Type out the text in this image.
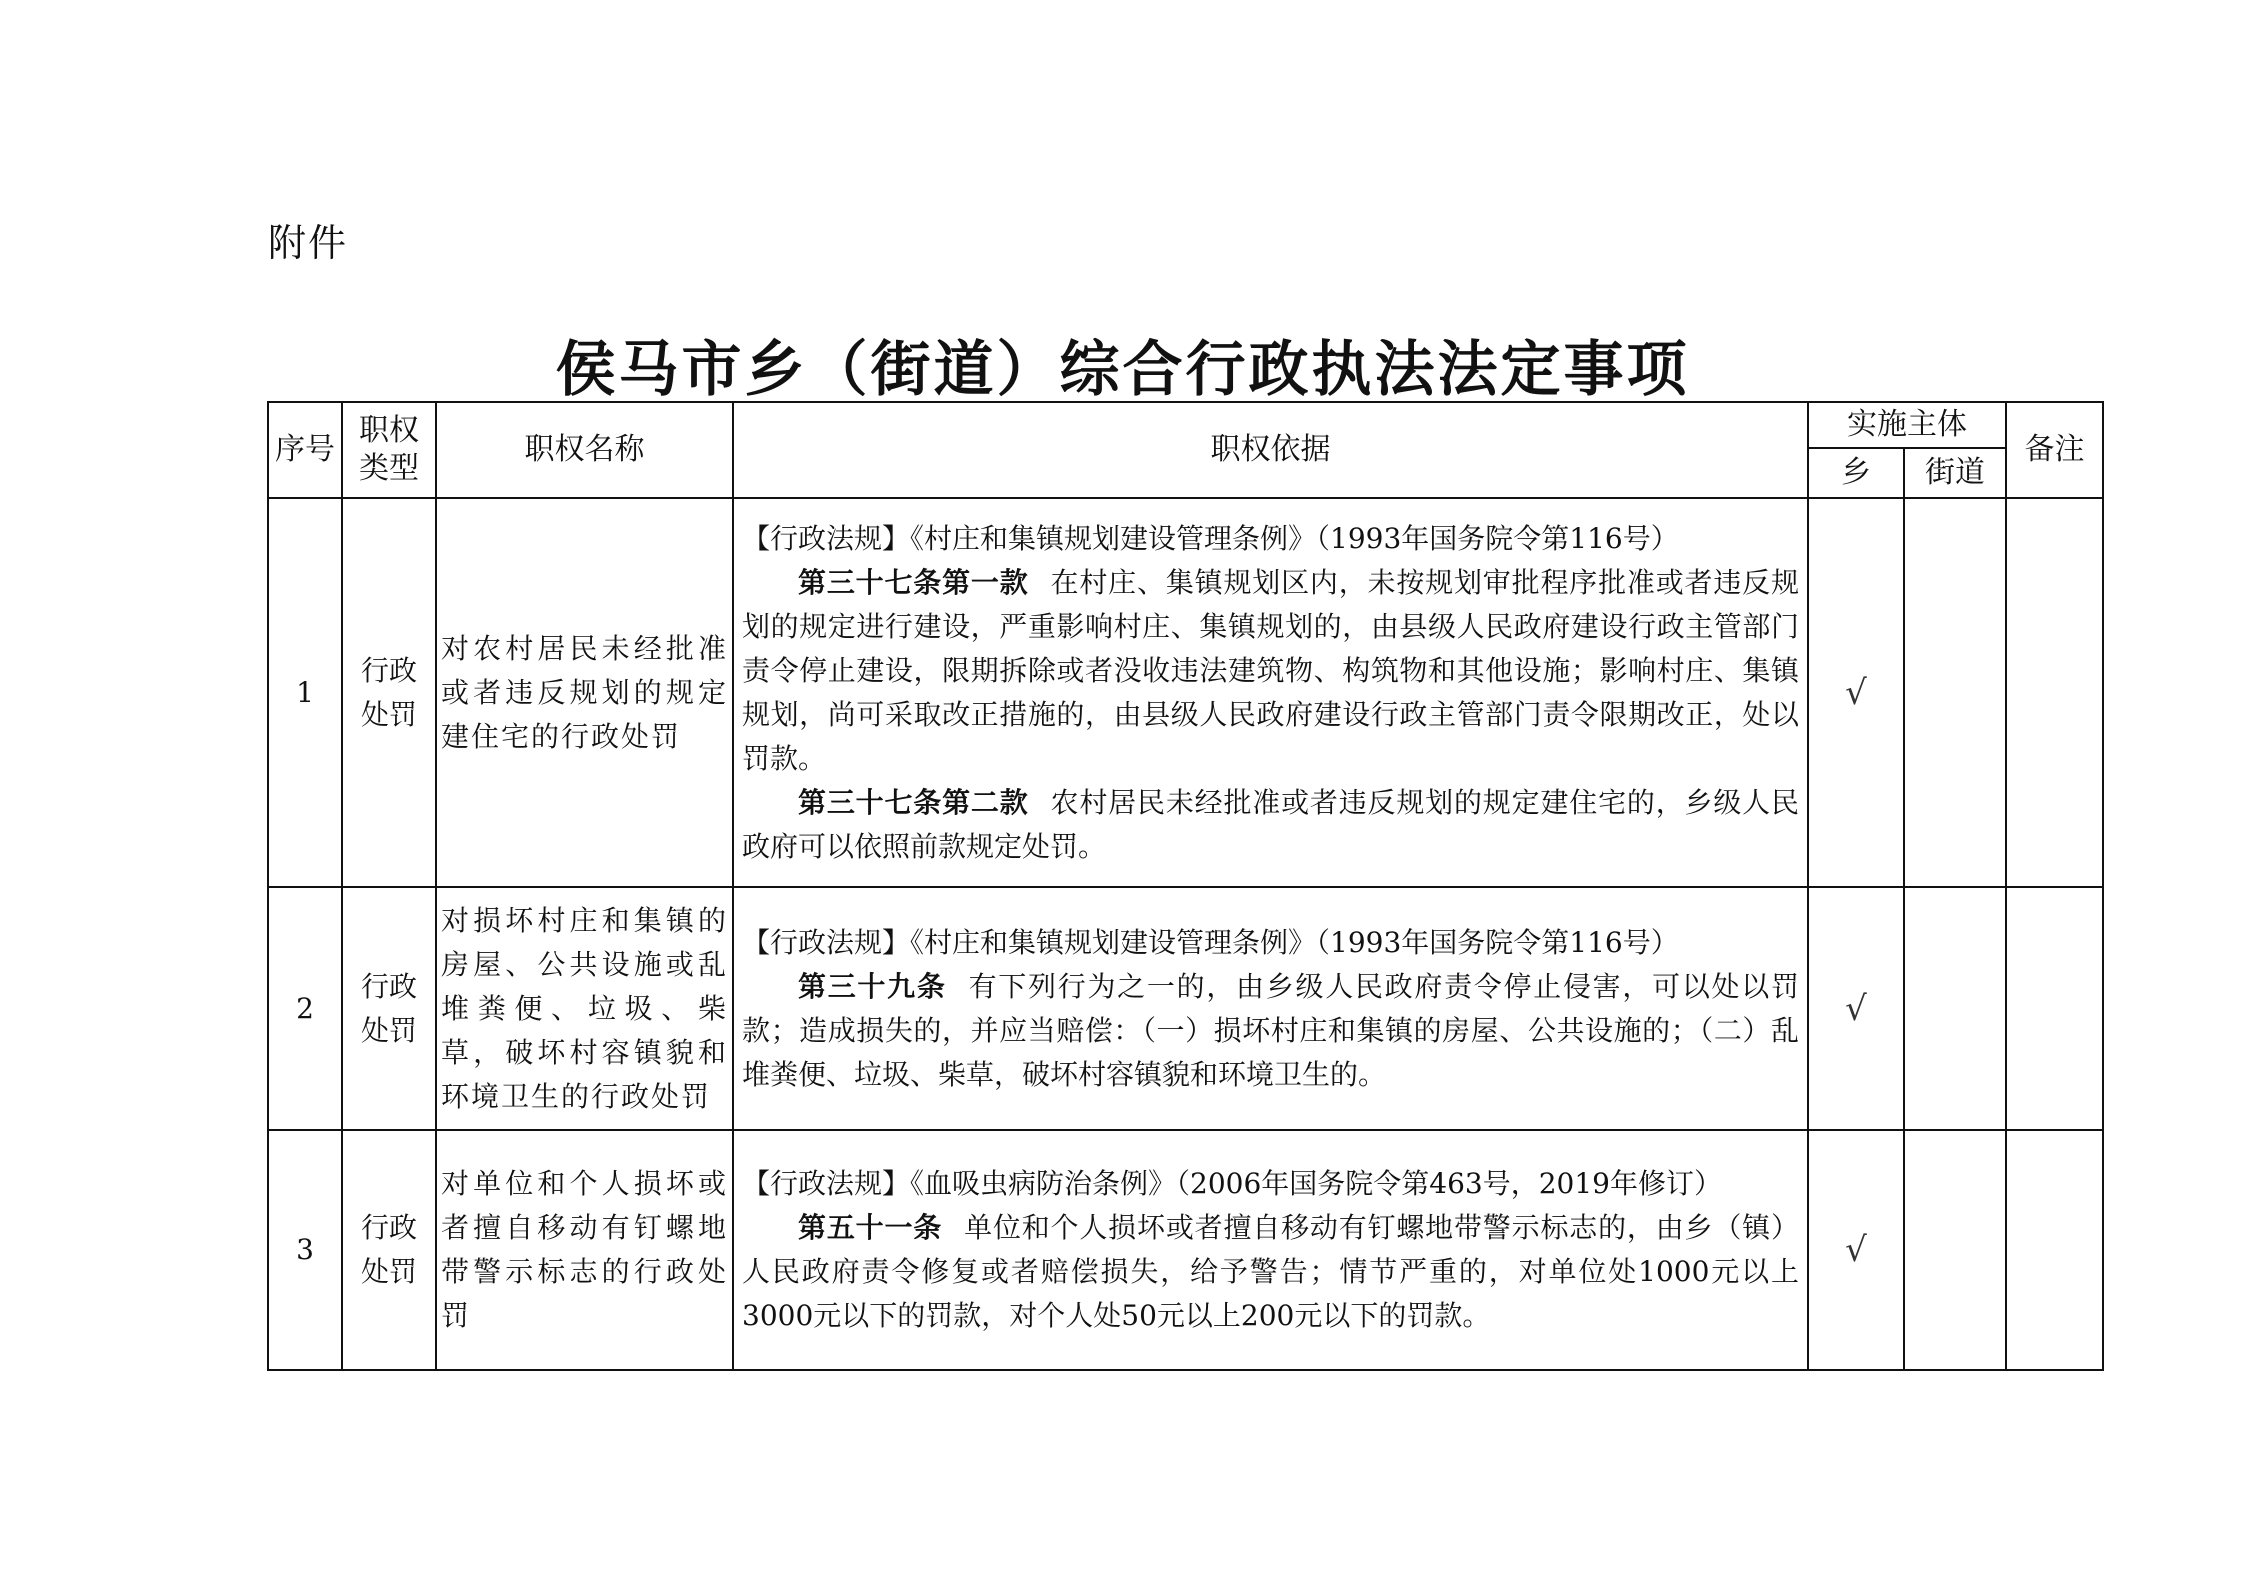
附件
侯马市乡（街道）综合行政执法法定事项
序号	职权类型	职权名称	职权依据	实施主体		备注
				乡	街道	
1	行政处罚	对农村居民未经批准或者违反规划的规定建住宅的行政处罚	【行政法规】《村庄和集镇规划建设管理条例》（1993年国务院令第116号）
第三十七条第一款 在村庄、集镇规划区内，未按规划审批程序批准或者违反规划的规定进行建设，严重影响村庄、集镇规划的，由县级人民政府建设行政主管部门责令停止建设，限期拆除或者没收违法建筑物、构筑物和其他设施；影响村庄、集镇规划，尚可采取改正措施的，由县级人民政府建设行政主管部门责令限期改正，处以罚款。
第三十七条第二款 农村居民未经批准或者违反规划的规定建住宅的，乡级人民政府可以依照前款规定处罚。	√		
2	行政处罚	对损坏村庄和集镇的房屋、公共设施或乱堆粪便、垃圾、柴草，破坏村容镇貌和环境卫生的行政处罚	【行政法规】《村庄和集镇规划建设管理条例》（1993年国务院令第116号）
第三十九条 有下列行为之一的，由乡级人民政府责令停止侵害，可以处以罚款；造成损失的，并应当赔偿：（一）损坏村庄和集镇的房屋、公共设施的；（二）乱堆粪便、垃圾、柴草，破坏村容镇貌和环境卫生的。	√		
3	行政处罚	对单位和个人损坏或者擅自移动有钉螺地带警示标志的行政处罚	【行政法规】《血吸虫病防治条例》（2006年国务院令第463号，2019年修订）
第五十一条 单位和个人损坏或者擅自移动有钉螺地带警示标志的，由乡（镇）人民政府责令修复或者赔偿损失，给予警告；情节严重的，对单位处1000元以上3000元以下的罚款，对个人处50元以上200元以下的罚款。	√		
